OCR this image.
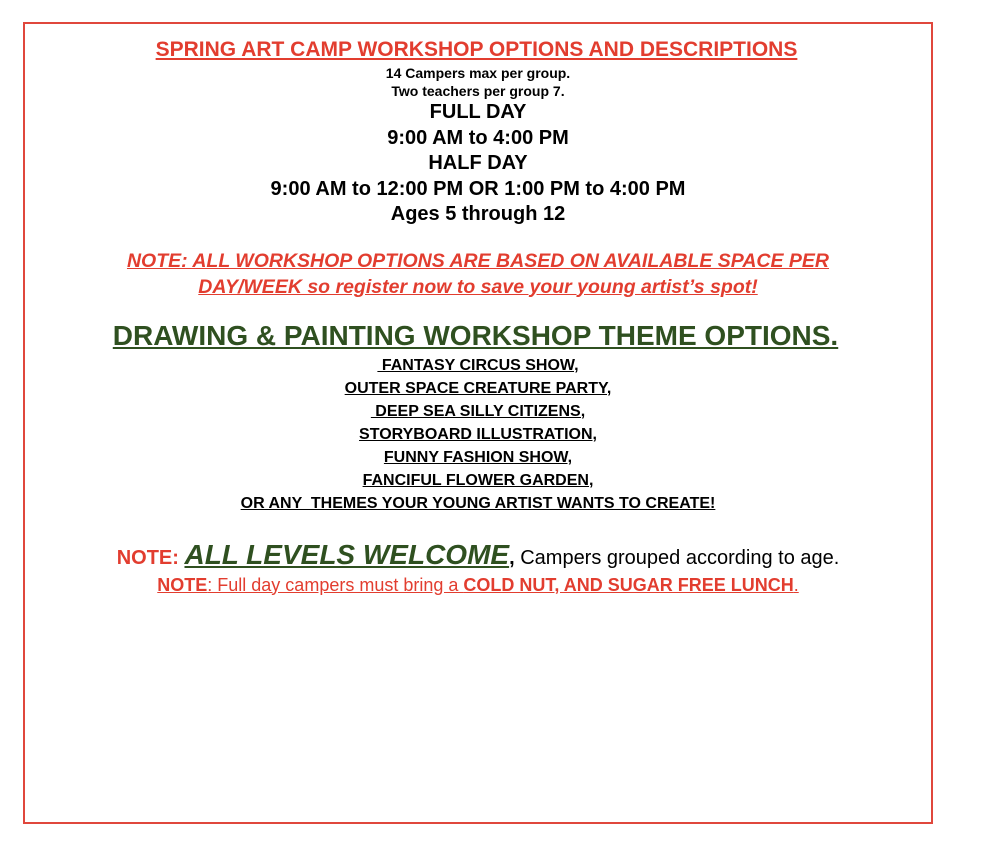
SPRING ART CAMP WORKSHOP OPTIONS AND DESCRIPTIONS
14 Campers max per group.
Two teachers per group 7.
FULL DAY
9:00 AM to 4:00 PM
HALF DAY
9:00 AM to 12:00 PM OR 1:00 PM to 4:00 PM
Ages 5 through 12
NOTE: ALL WORKSHOP OPTIONS ARE BASED ON AVAILABLE SPACE PER
DAY/WEEK so register now to save your young artist’s spot!
DRAWING & PAINTING WORKSHOP THEME OPTIONS.
FANTASY CIRCUS SHOW,
OUTER SPACE CREATURE PARTY,
DEEP SEA SILLY CITIZENS,
STORYBOARD ILLUSTRATION,
FUNNY FASHION SHOW,
FANCIFUL FLOWER GARDEN,
OR ANY  THEMES YOUR YOUNG ARTIST WANTS TO CREATE!
NOTE: ALL LEVELS WELCOME, Campers grouped according to age.
NOTE: Full day campers must bring a COLD NUT, AND SUGAR FREE LUNCH.
